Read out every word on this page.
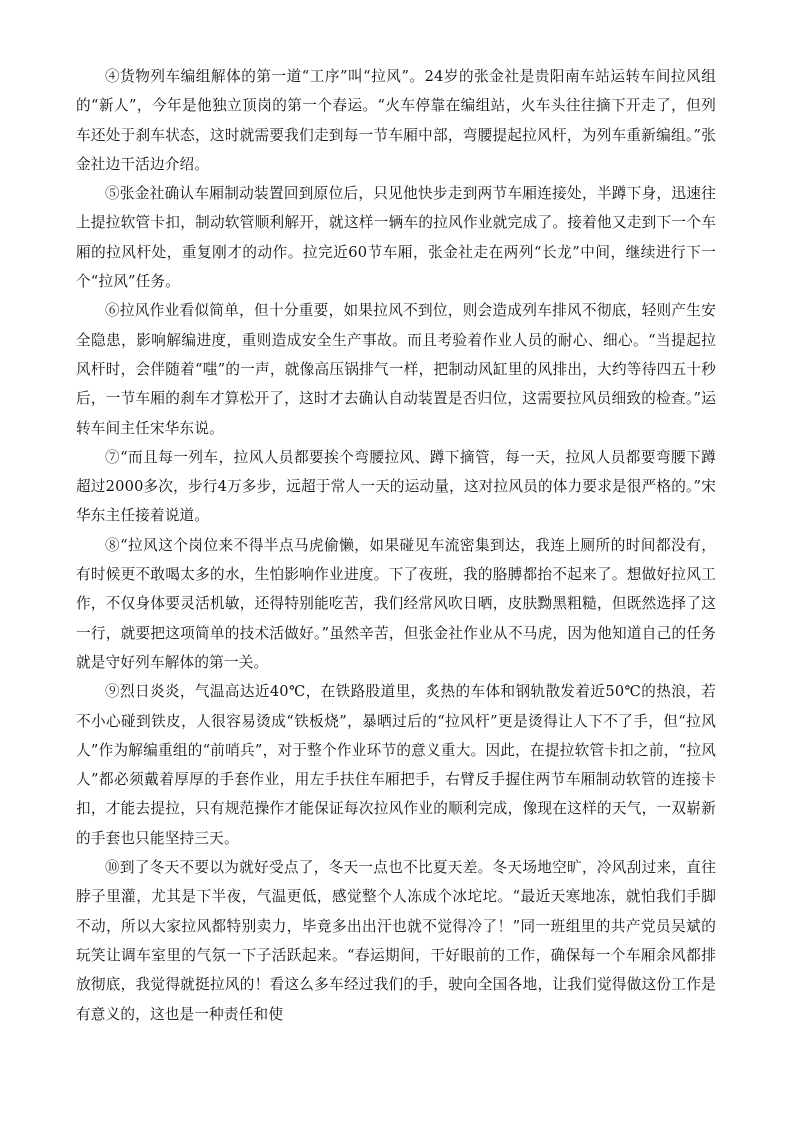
④货物列车编组解体的第一道“工序”叫“拉风”。24岁的张金社是贵阳南车站运转车间拉风组的“新人”，今年是他独立顶岗的第一个春运。“火车停靠在编组站，火车头往往摘下开走了，但列车还处于刹车状态，这时就需要我们走到每一节车厢中部，弯腰提起拉风杆，为列车重新编组。”张金社边干活边介绍。

⑤张金社确认车厢制动装置回到原位后，只见他快步走到两节车厢连接处，半蹲下身，迅速往上提拉软管卡扣，制动软管顺利解开，就这样一辆车的拉风作业就完成了。接着他又走到下一个车厢的拉风杆处，重复刚才的动作。拉完近60节车厢，张金社走在两列“长龙”中间，继续进行下一个“拉风”任务。

⑥拉风作业看似简单，但十分重要，如果拉风不到位，则会造成列车排风不彻底，轻则产生安全隐患，影响解编进度，重则造成安全生产事故。而且考验着作业人员的耐心、细心。“当提起拉风杆时，会伴随着“嗤”的一声，就像高压锅排气一样，把制动风缸里的风排出，大约等待四五十秒后，一节车厢的刹车才算松开了，这时才去确认自动装置是否归位，这需要拉风员细致的检查。”运转车间主任宋华东说。

⑦“而且每一列车，拉风人员都要挨个弯腰拉风、蹲下摘管，每一天，拉风人员都要弯腰下蹲超过2000多次，步行4万多步，远超于常人一天的运动量，这对拉风员的体力要求是很严格的。”宋华东主任接着说道。

⑧“拉风这个岗位来不得半点马虎偷懒，如果碰见车流密集到达，我连上厕所的时间都没有，有时候更不敢喝太多的水，生怕影响作业进度。下了夜班，我的胳膊都抬不起来了。想做好拉风工作，不仅身体要灵活机敏，还得特别能吃苦，我们经常风吹日晒，皮肤黝黑粗糙，但既然选择了这一行，就要把这项简单的技术活做好。”虽然辛苦，但张金社作业从不马虎，因为他知道自己的任务就是守好列车解体的第一关。

⑨烈日炎炎，气温高达近40℃，在铁路股道里，炙热的车体和钢轨散发着近50℃的热浪，若不小心碰到铁皮，人很容易烫成“铁板烧”，暴晒过后的“拉风杆”更是烫得让人下不了手，但“拉风人”作为解编重组的“前哨兵”，对于整个作业环节的意义重大。因此，在提拉软管卡扣之前，“拉风人”都必须戴着厚厚的手套作业，用左手扶住车厢把手，右臂反手握住两节车厢制动软管的连接卡扣，才能去提拉，只有规范操作才能保证每次拉风作业的顺利完成，像现在这样的天气，一双崭新的手套也只能坚持三天。

⑩到了冬天不要以为就好受点了，冬天一点也不比夏天差。冬天场地空旷，冷风刮过来，直往脖子里灌，尤其是下半夜，气温更低，感觉整个人冻成个冰坨坨。“最近天寒地冻，就怕我们手脚不动，所以大家拉风都特别卖力，毕竟多出出汗也就不觉得冷了！”同一班组里的共产党员吴斌的玩笑让调车室里的气氛一下子活跃起来。“春运期间，干好眼前的工作，确保每一个车厢余风都排放彻底，我觉得就挺拉风的！看这么多车经过我们的手，驶向全国各地，让我们觉得做这份工作是有意义的，这也是一种责任和使
